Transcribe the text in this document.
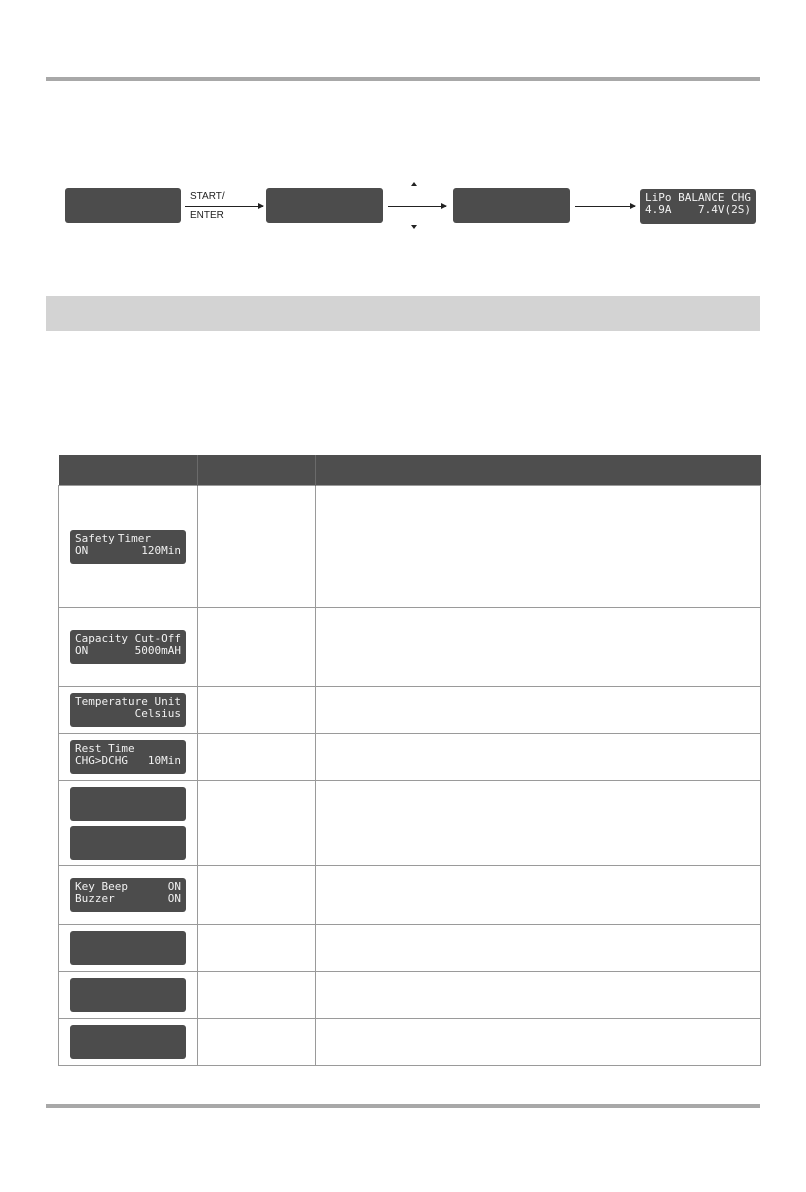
START/
ENTER
LiPo BALANCE CHG
4.9A 7.4V(2S)

Safety Timer
ON 120Min		

Capacity Cut-Off
ON 5000mAH		

Temperature Unit
Celsius		

Rest Time
CHG>DCHG 10Min		

Key Beep ON
Buzzer ON		
